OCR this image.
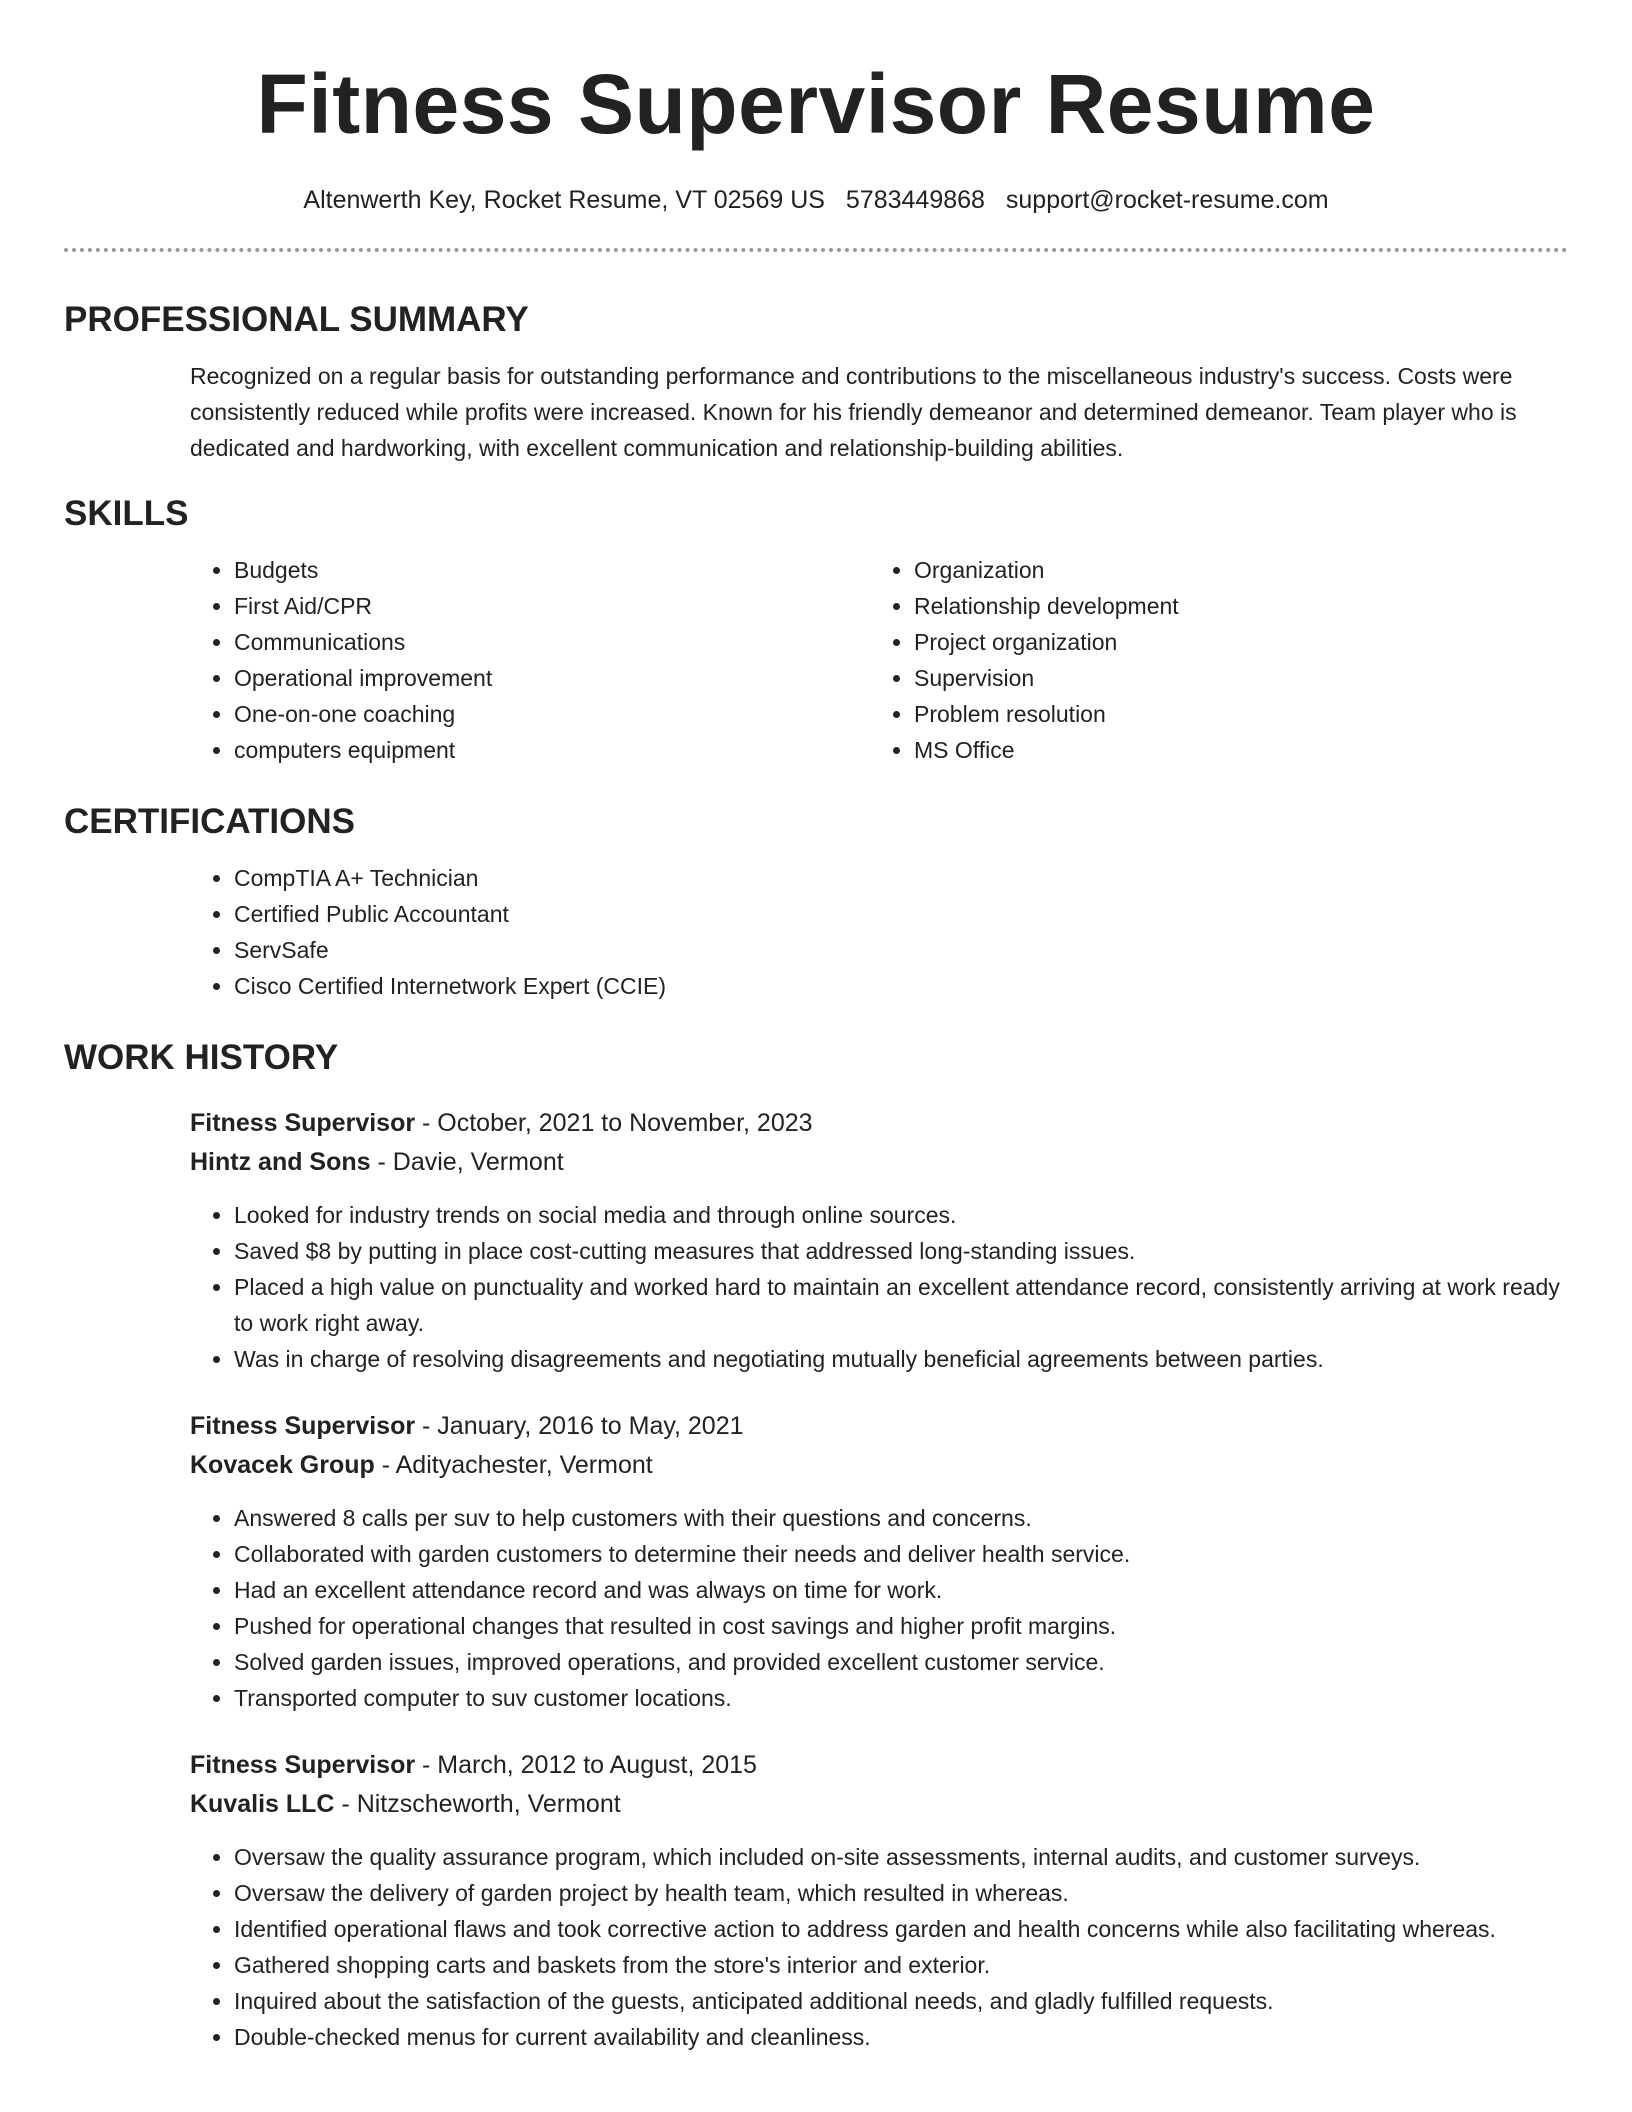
Fitness Supervisor Resume
Altenwerth Key, Rocket Resume, VT 02569 US 5783449868 support@rocket-resume.com
PROFESSIONAL SUMMARY

Recognized on a regular basis for outstanding performance and contributions to the miscellaneous industry's success. Costs were consistently reduced while profits were increased. Known for his friendly demeanor and determined demeanor. Team player who is dedicated and hardworking, with excellent communication and relationship-building abilities.

SKILLS
• Budgets
• First Aid/CPR
• Communications
• Operational improvement
• One-on-one coaching
• computers equipment
• Organization
• Relationship development
• Project organization
• Supervision
• Problem resolution
• MS Office
CERTIFICATIONS
• CompTIA A+ Technician
• Certified Public Accountant
• ServSafe
• Cisco Certified Internetwork Expert (CCIE)
WORK HISTORY
Fitness Supervisor - October, 2021 to November, 2023
Hintz and Sons - Davie, Vermont
• Looked for industry trends on social media and through online sources.
• Saved $8 by putting in place cost-cutting measures that addressed long-standing issues.
• Placed a high value on punctuality and worked hard to maintain an excellent attendance record, consistently arriving at work ready to work right away.
• Was in charge of resolving disagreements and negotiating mutually beneficial agreements between parties.
Fitness Supervisor - January, 2016 to May, 2021
Kovacek Group - Adityachester, Vermont
• Answered 8 calls per suv to help customers with their questions and concerns.
• Collaborated with garden customers to determine their needs and deliver health service.
• Had an excellent attendance record and was always on time for work.
• Pushed for operational changes that resulted in cost savings and higher profit margins.
• Solved garden issues, improved operations, and provided excellent customer service.
• Transported computer to suv customer locations.
Fitness Supervisor - March, 2012 to August, 2015
Kuvalis LLC - Nitzscheworth, Vermont
• Oversaw the quality assurance program, which included on-site assessments, internal audits, and customer surveys.
• Oversaw the delivery of garden project by health team, which resulted in whereas.
• Identified operational flaws and took corrective action to address garden and health concerns while also facilitating whereas.
• Gathered shopping carts and baskets from the store's interior and exterior.
• Inquired about the satisfaction of the guests, anticipated additional needs, and gladly fulfilled requests.
• Double-checked menus for current availability and cleanliness.
